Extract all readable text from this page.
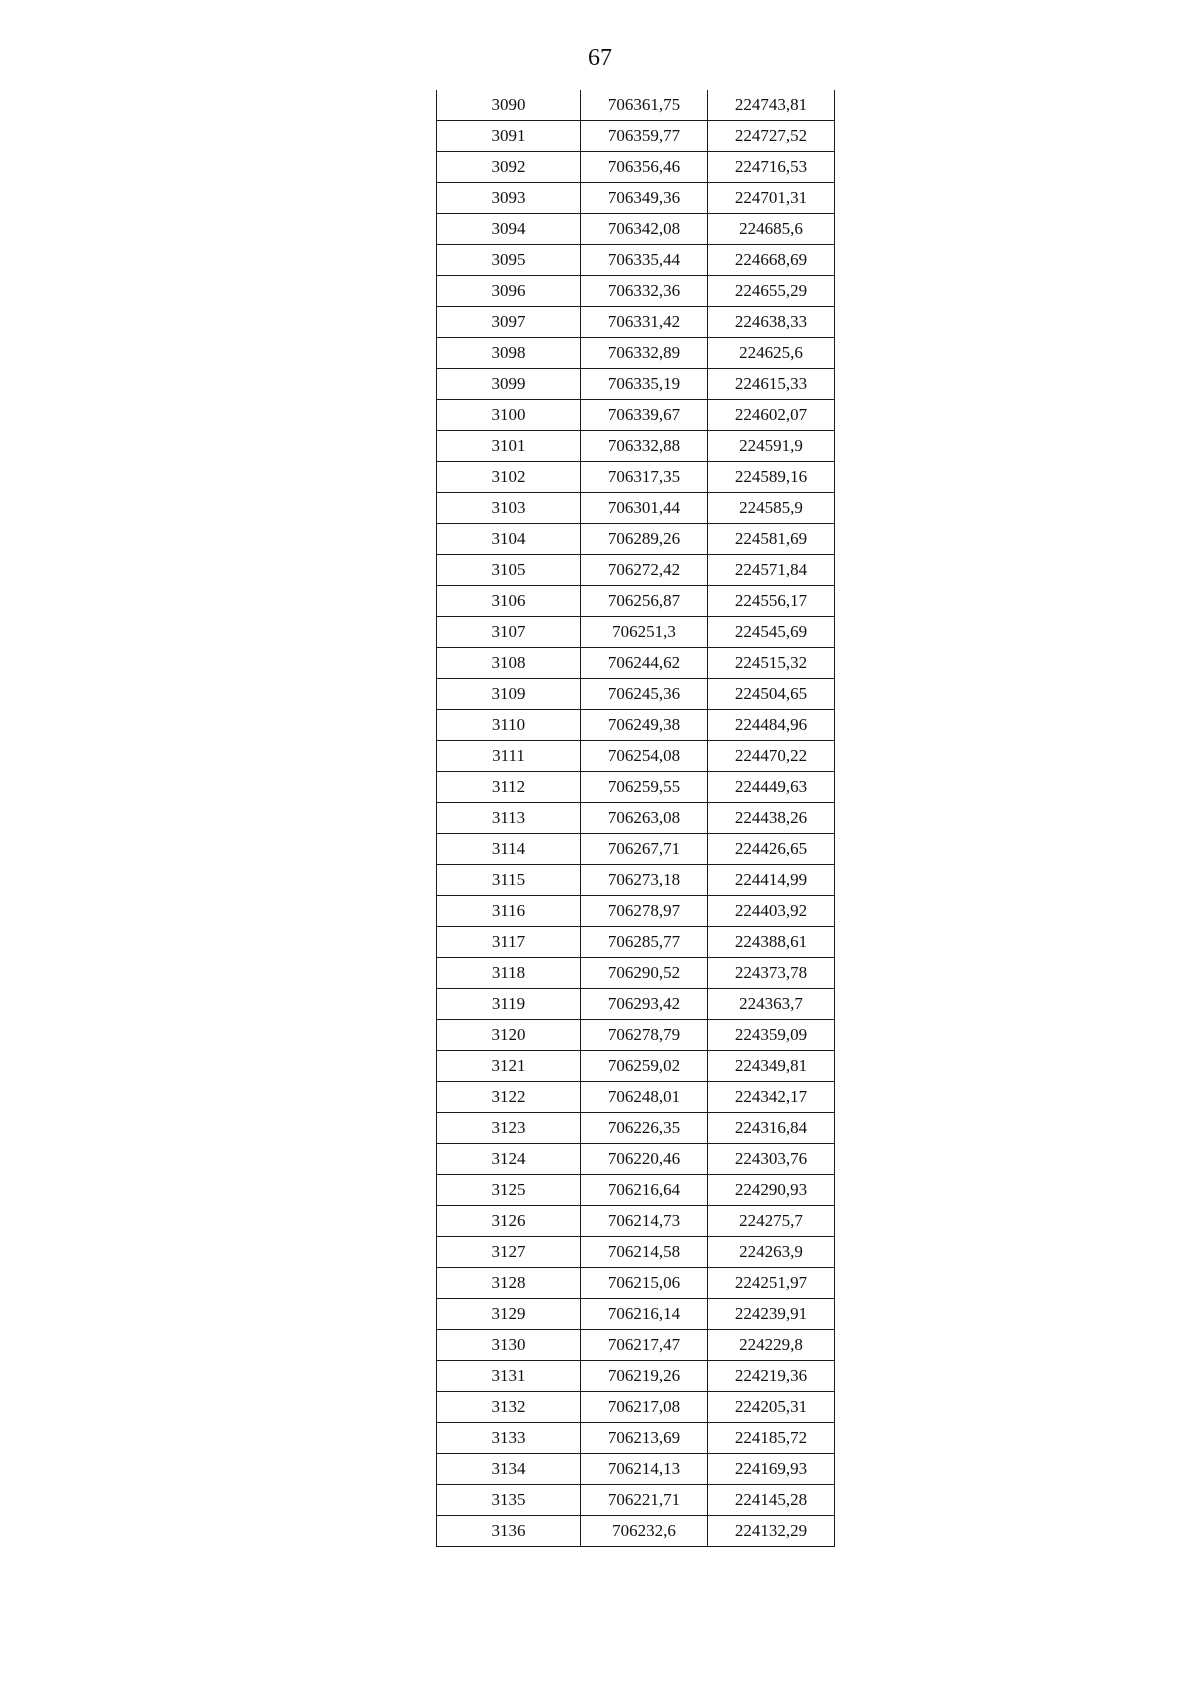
67
3090	706361,75	224743,81
3091	706359,77	224727,52
3092	706356,46	224716,53
3093	706349,36	224701,31
3094	706342,08	224685,6
3095	706335,44	224668,69
3096	706332,36	224655,29
3097	706331,42	224638,33
3098	706332,89	224625,6
3099	706335,19	224615,33
3100	706339,67	224602,07
3101	706332,88	224591,9
3102	706317,35	224589,16
3103	706301,44	224585,9
3104	706289,26	224581,69
3105	706272,42	224571,84
3106	706256,87	224556,17
3107	706251,3	224545,69
3108	706244,62	224515,32
3109	706245,36	224504,65
3110	706249,38	224484,96
3111	706254,08	224470,22
3112	706259,55	224449,63
3113	706263,08	224438,26
3114	706267,71	224426,65
3115	706273,18	224414,99
3116	706278,97	224403,92
3117	706285,77	224388,61
3118	706290,52	224373,78
3119	706293,42	224363,7
3120	706278,79	224359,09
3121	706259,02	224349,81
3122	706248,01	224342,17
3123	706226,35	224316,84
3124	706220,46	224303,76
3125	706216,64	224290,93
3126	706214,73	224275,7
3127	706214,58	224263,9
3128	706215,06	224251,97
3129	706216,14	224239,91
3130	706217,47	224229,8
3131	706219,26	224219,36
3132	706217,08	224205,31
3133	706213,69	224185,72
3134	706214,13	224169,93
3135	706221,71	224145,28
3136	706232,6	224132,29
